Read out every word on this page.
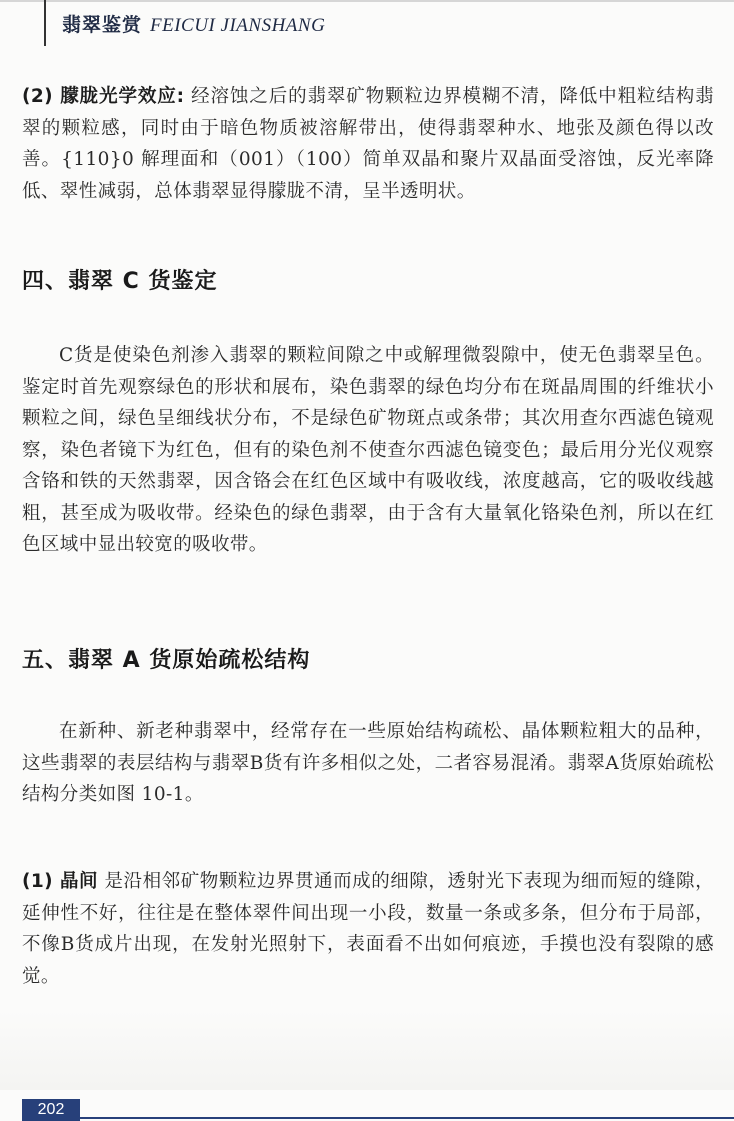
翡翠鉴赏 FEICUI JIANSHANG
(2) 朦胧光学效应: 经溶蚀之后的翡翠矿物颗粒边界模糊不清，降低中粗粒结构翡翠的颗粒感，同时由于暗色物质被溶解带出，使得翡翠种水、地张及颜色得以改善。{110}0 解理面和（001）（100）简单双晶和聚片双晶面受溶蚀，反光率降低、翠性减弱，总体翡翠显得朦胧不清，呈半透明状。
四、翡翠 C 货鉴定
C货是使染色剂渗入翡翠的颗粒间隙之中或解理微裂隙中，使无色翡翠呈色。鉴定时首先观察绿色的形状和展布，染色翡翠的绿色均分布在斑晶周围的纤维状小颗粒之间，绿色呈细线状分布，不是绿色矿物斑点或条带；其次用查尔西滤色镜观察，染色者镜下为红色，但有的染色剂不使查尔西滤色镜变色；最后用分光仪观察含铬和铁的天然翡翠，因含铬会在红色区域中有吸收线，浓度越高，它的吸收线越粗，甚至成为吸收带。经染色的绿色翡翠，由于含有大量氧化铬染色剂，所以在红色区域中显出较宽的吸收带。
五、翡翠 A 货原始疏松结构
在新种、新老种翡翠中，经常存在一些原始结构疏松、晶体颗粒粗大的品种，这些翡翠的表层结构与翡翠B货有许多相似之处，二者容易混淆。翡翠A货原始疏松结构分类如图 10-1。
(1) 晶间 是沿相邻矿物颗粒边界贯通而成的细隙，透射光下表现为细而短的缝隙，延伸性不好，往往是在整体翠件间出现一小段，数量一条或多条，但分布于局部，不像B货成片出现，在发射光照射下，表面看不出如何痕迹，手摸也没有裂隙的感觉。
202
